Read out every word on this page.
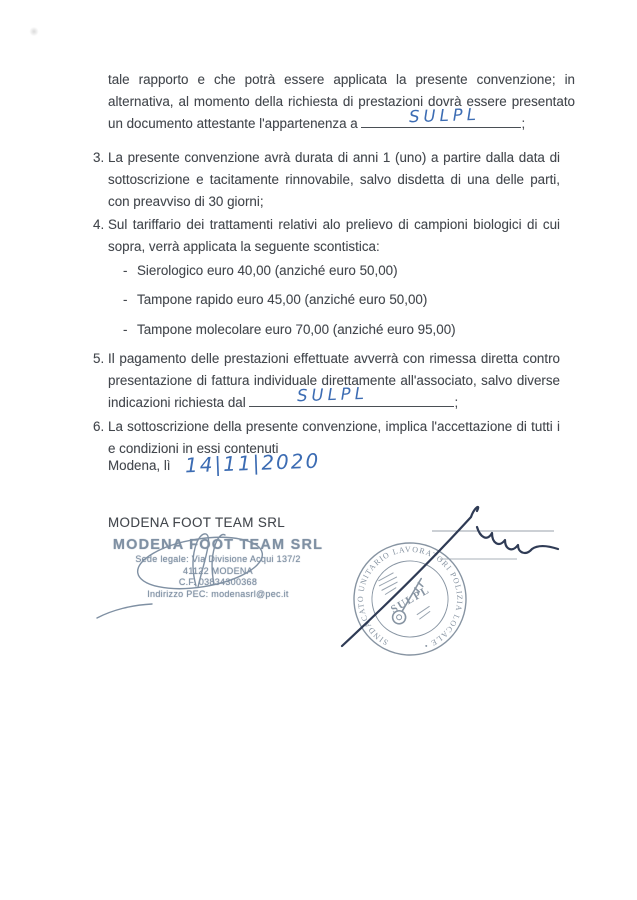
tale rapporto e che potrà essere applicata la presente convenzione; in alternativa, al momento della richiesta di prestazioni dovrà essere presentato un documento attestante l'appartenenza a	SULPL	;
3. La presente convenzione avrà durata di anni 1 (uno) a partire dalla data di sottoscrizione e tacitamente rinnovabile, salvo disdetta di una delle parti, con preavviso di 30 giorni;
4. Sul tariffario dei trattamenti relativi alo prelievo di campioni biologici di cui sopra, verrà applicata la seguente scontistica:
- Sierologico euro 40,00 (anziché euro 50,00)
- Tampone rapido euro 45,00 (anziché euro 50,00)
- Tampone molecolare euro 70,00 (anziché euro 95,00)
5. Il pagamento delle prestazioni effettuate avverrà con rimessa diretta contro presentazione di fattura individuale direttamente all'associato, salvo diverse indicazioni richiesta dal	SULPL	;
6. La sottoscrizione della presente convenzione, implica l'accettazione di tutti i e condizioni in essi contenuti
Modena, lì 14|11|2020
MODENA FOOT TEAM SRL
MODENA FOOT TEAM SRL
Sede legale: Via Divisione Acqui 137/2
41122 MODENA
C.F. 03834300368
Indirizzo PEC: modenasrl@pec.it
SINDACATO UNITARIO LAVORATORI POLIZIA LOCALE •
SULPL
